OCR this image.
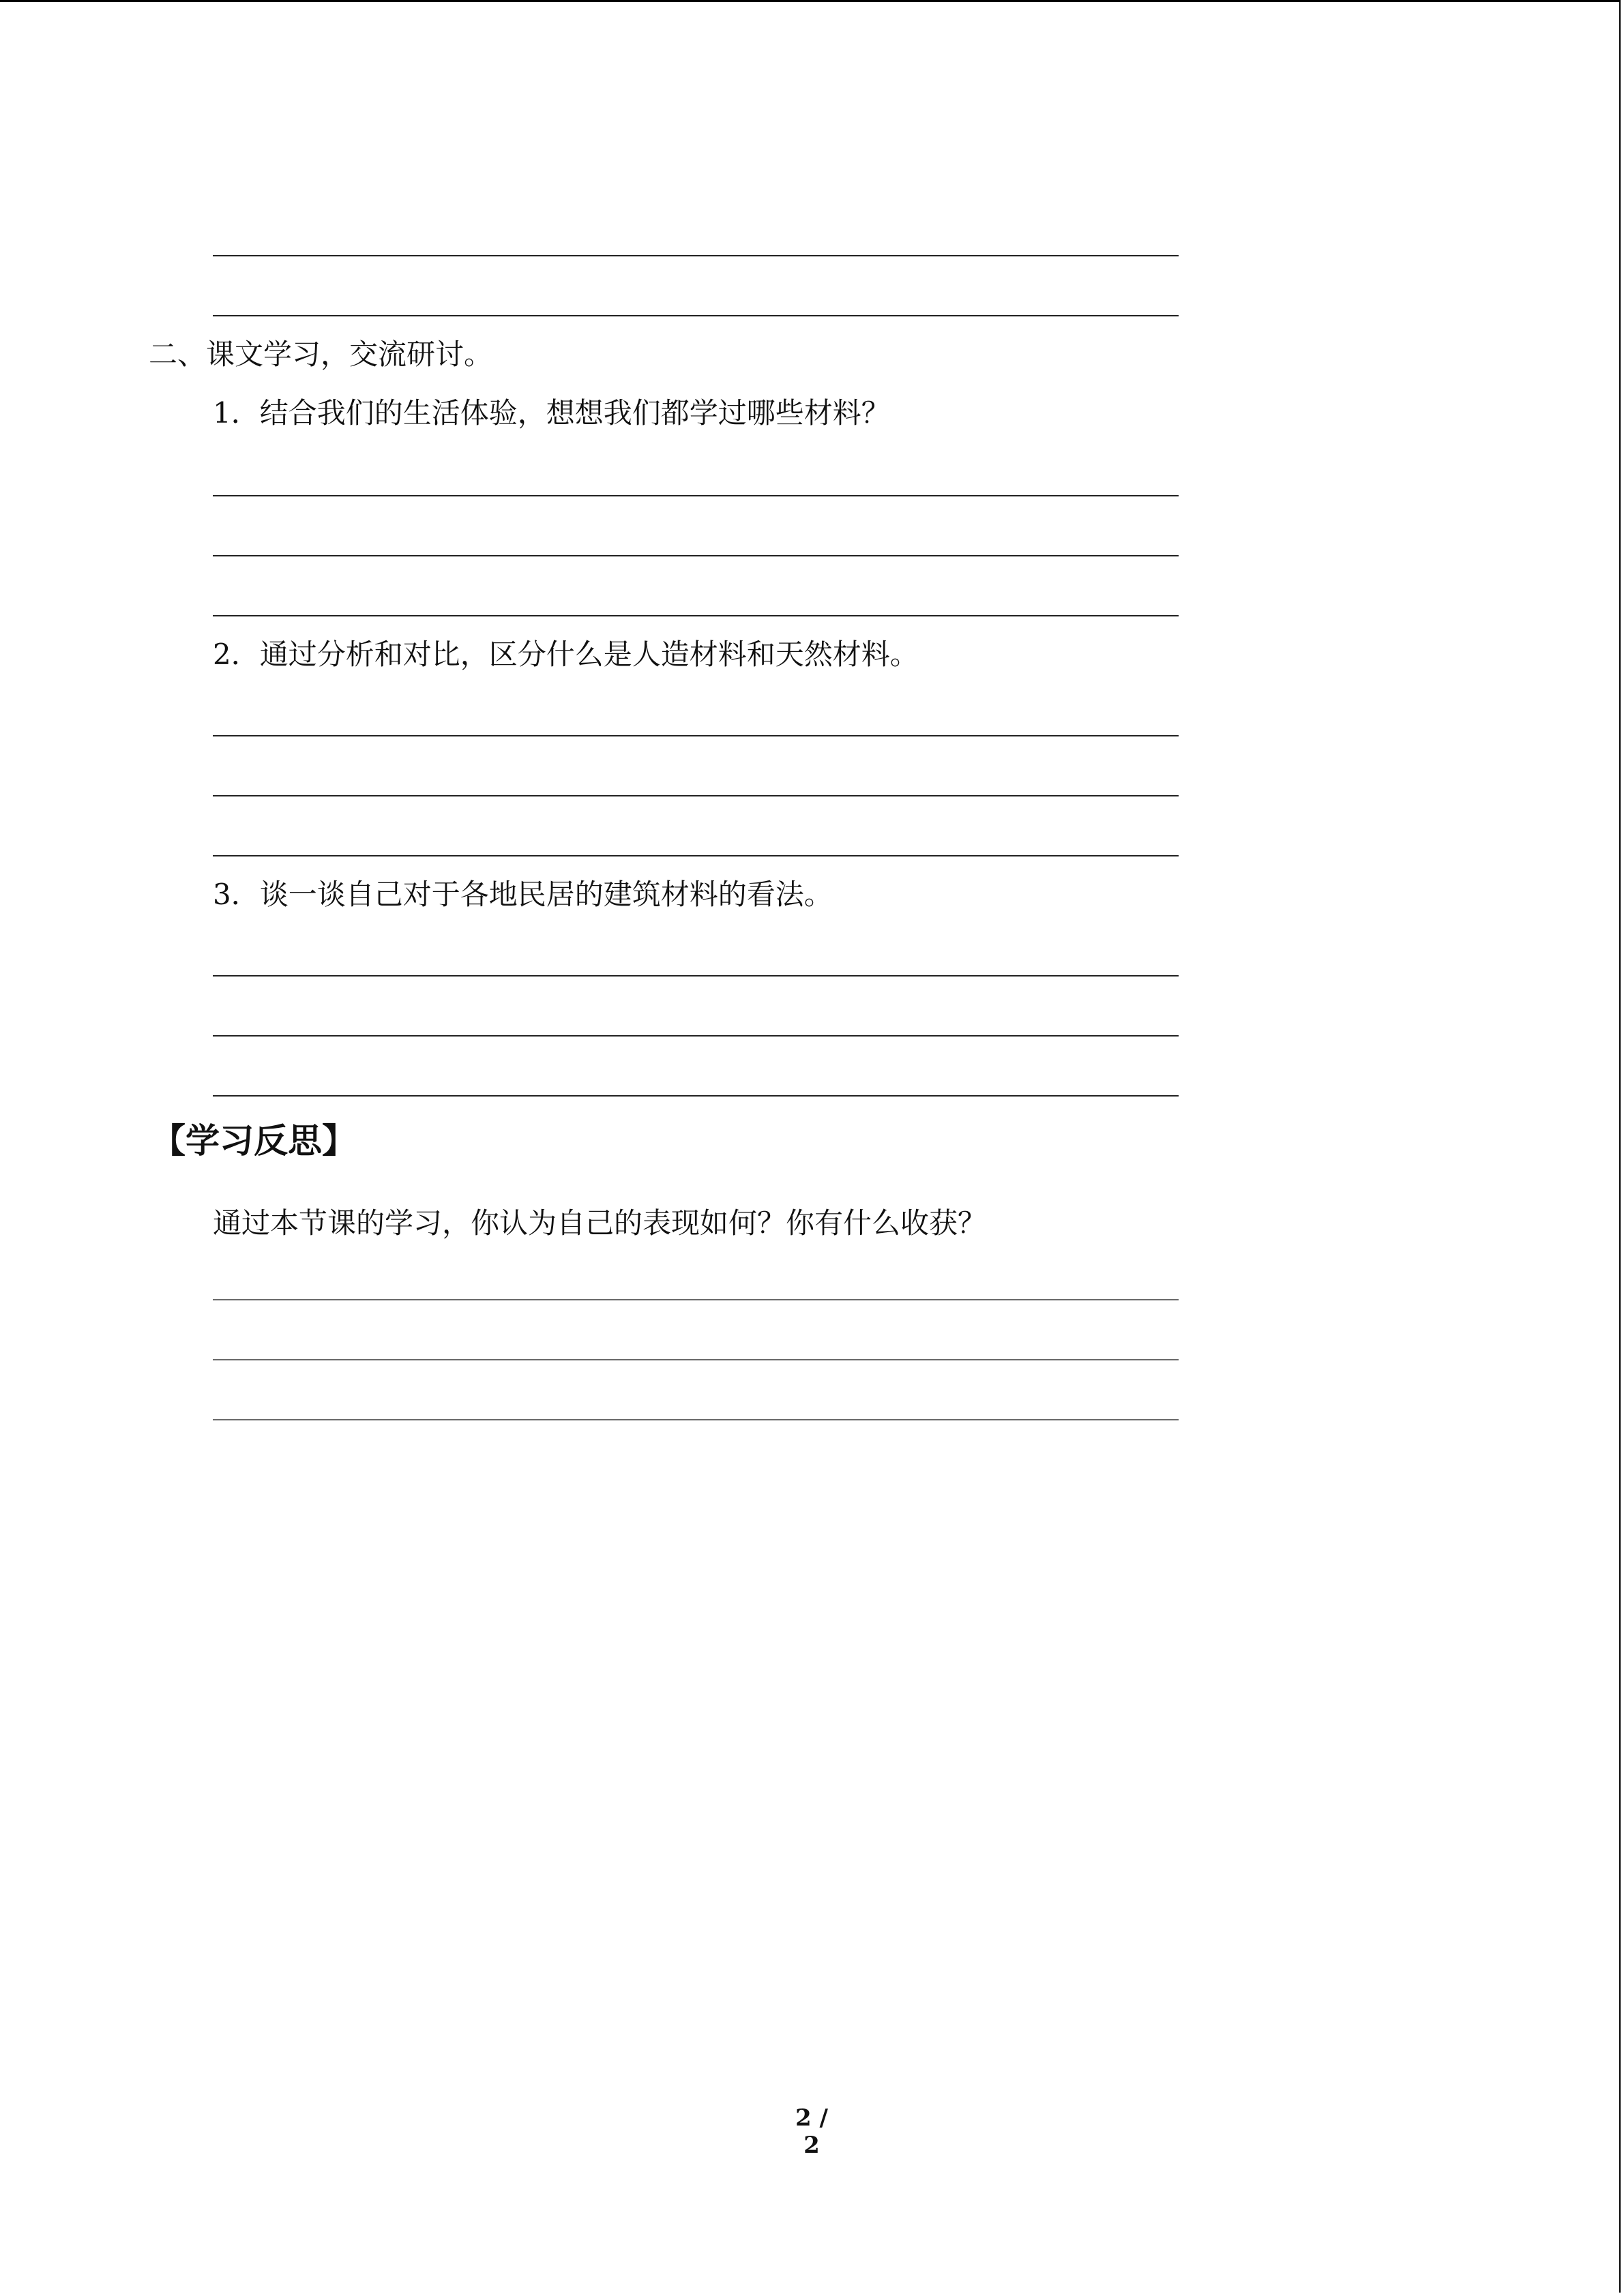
二、课文学习，交流研讨。
1．结合我们的生活体验，想想我们都学过哪些材料？
2．通过分析和对比，区分什么是人造材料和天然材料。
3．谈一谈自己对于各地民居的建筑材料的看法。
【学习反思】
通过本节课的学习，你认为自己的表现如何？你有什么收获？
2 / 2
